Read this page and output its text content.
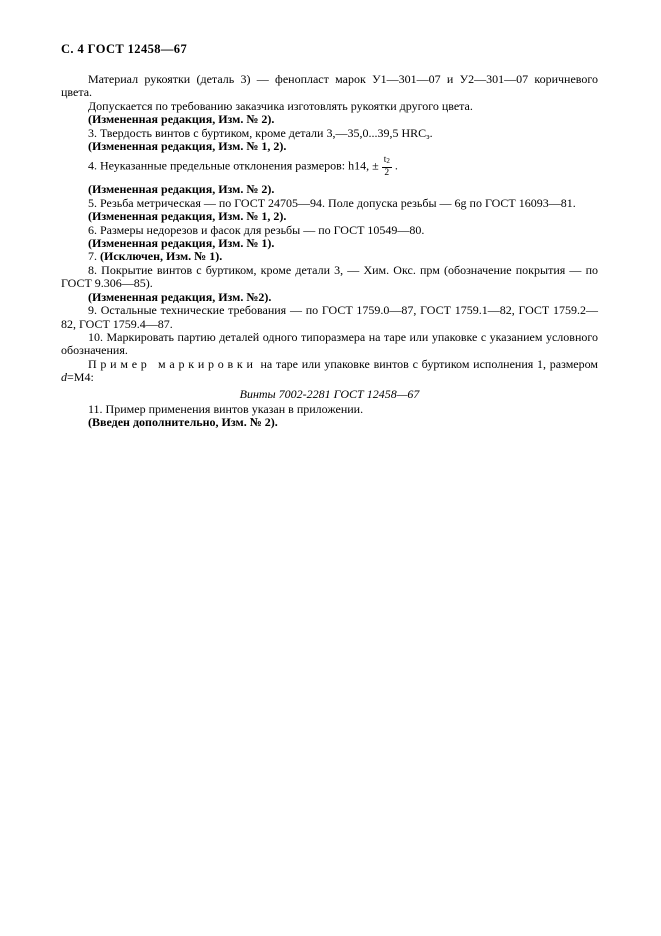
С. 4 ГОСТ 12458—67

Материал рукоятки (деталь 3) — фенопласт марок У1—301—07 и У2—301—07 коричневого цвета.

Допускается по требованию заказчика изготовлять рукоятки другого цвета.

(Измененная редакция, Изм. № 2).

3. Твердость винтов с буртиком, кроме детали 3,—35,0...39,5 $HRC_э$.

(Измененная редакция, Изм. № 1, 2).

4. Неуказанные предельные отклонения размеров: h14, ± $\frac{t_2}{2}$ .

(Измененная редакция, Изм. № 2).

5. Резьба метрическая — по ГОСТ 24705—94. Поле допуска резьбы — 6g по ГОСТ 16093—81.

(Измененная редакция, Изм. № 1, 2).

6. Размеры недорезов и фасок для резьбы — по ГОСТ 10549—80.

(Измененная редакция, Изм. № 1).

7. (Исключен, Изм. № 1).

8. Покрытие винтов с буртиком, кроме детали 3, — Хим. Окс. прм (обозначение покрытия — по ГОСТ 9.306—85).

(Измененная редакция, Изм. №2).

9. Остальные технические требования — по ГОСТ 1759.0—87, ГОСТ 1759.1—82, ГОСТ 1759.2—82, ГОСТ 1759.4—87.

10. Маркировать партию деталей одного типоразмера на таре или упаковке с указанием условного обозначения.

П р и м е р   м а р к и р о в к и  на таре или упаковке винтов с буртиком исполнения 1, размером d=М4:

Винты 7002-2281 ГОСТ 12458—67

11. Пример применения винтов указан в приложении.

(Введен дополнительно, Изм. № 2).
